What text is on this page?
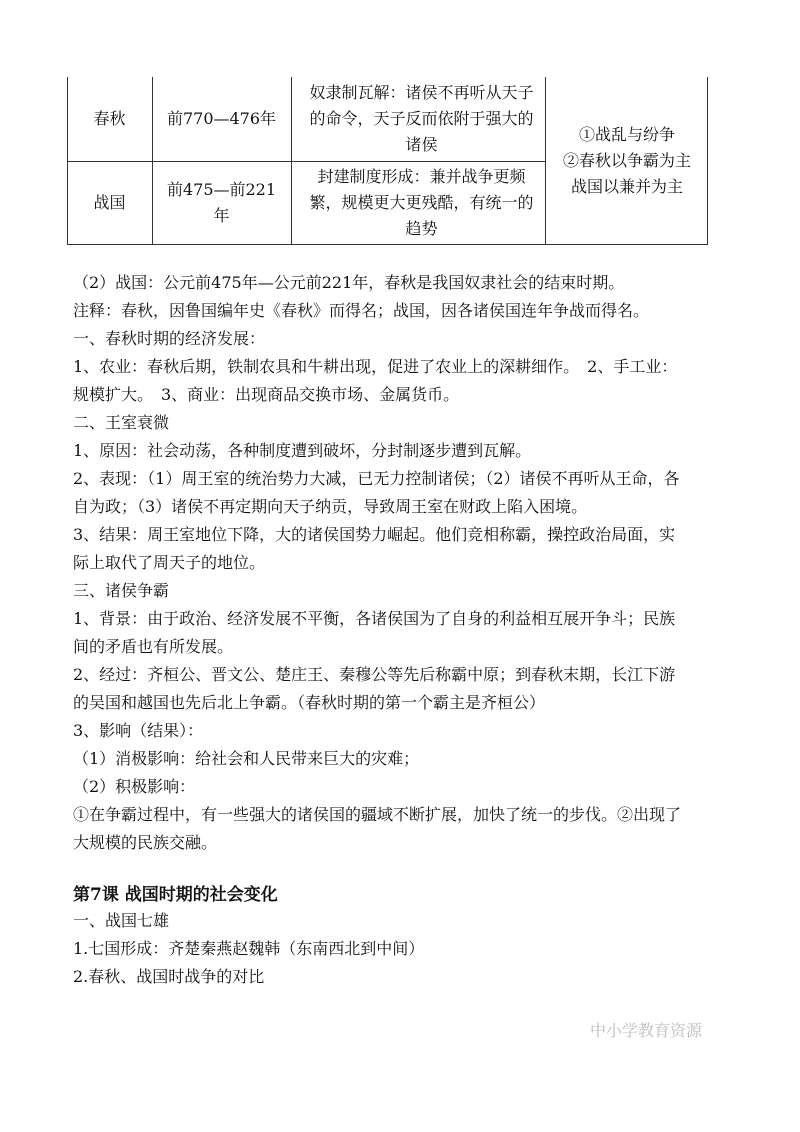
春秋	前770—476年
奴隶制瓦解：诸侯不再听从天子
的命令，天子反而依附于强大的
诸侯
战国
前475—前221
年
封建制度形成：兼并战争更频
繁，规模更大更残酷，有统一的
趋势
①战乱与纷争
②春秋以争霸为主
战国以兼并为主
（2）战国：公元前475年—公元前221年，春秋是我国奴隶社会的结束时期。
注释：春秋，因鲁国编年史《春秋》而得名；战国，因各诸侯国连年争战而得名。
一、春秋时期的经济发展：
1、农业：春秋后期，铁制农具和牛耕出现，促进了农业上的深耕细作。　2、手工业：
规模扩大。　3、商业：出现商品交换市场、金属货币。
二、王室衰微
1、原因：社会动荡，各种制度遭到破坏，分封制逐步遭到瓦解。
2、表现：（1）周王室的统治势力大减，已无力控制诸侯；（2）诸侯不再听从王命，各
自为政；（3）诸侯不再定期向天子纳贡，导致周王室在财政上陷入困境。
3、结果：周王室地位下降，大的诸侯国势力崛起。他们竞相称霸，操控政治局面，实
际上取代了周天子的地位。
三、诸侯争霸
1、背景：由于政治、经济发展不平衡，各诸侯国为了自身的利益相互展开争斗；民族
间的矛盾也有所发展。
2、经过：齐桓公、晋文公、楚庄王、秦穆公等先后称霸中原；到春秋末期，长江下游
的吴国和越国也先后北上争霸。（春秋时期的第一个霸主是齐桓公）
3、影响（结果）：
（1）消极影响：给社会和人民带来巨大的灾难；
（2）积极影响：
①在争霸过程中，有一些强大的诸侯国的疆域不断扩展，加快了统一的步伐。②出现了
大规模的民族交融。
第7课 战国时期的社会变化
一、战国七雄
1.七国形成：齐楚秦燕赵魏韩（东南西北到中间）
2.春秋、战国时战争的对比
中小学教育资源
